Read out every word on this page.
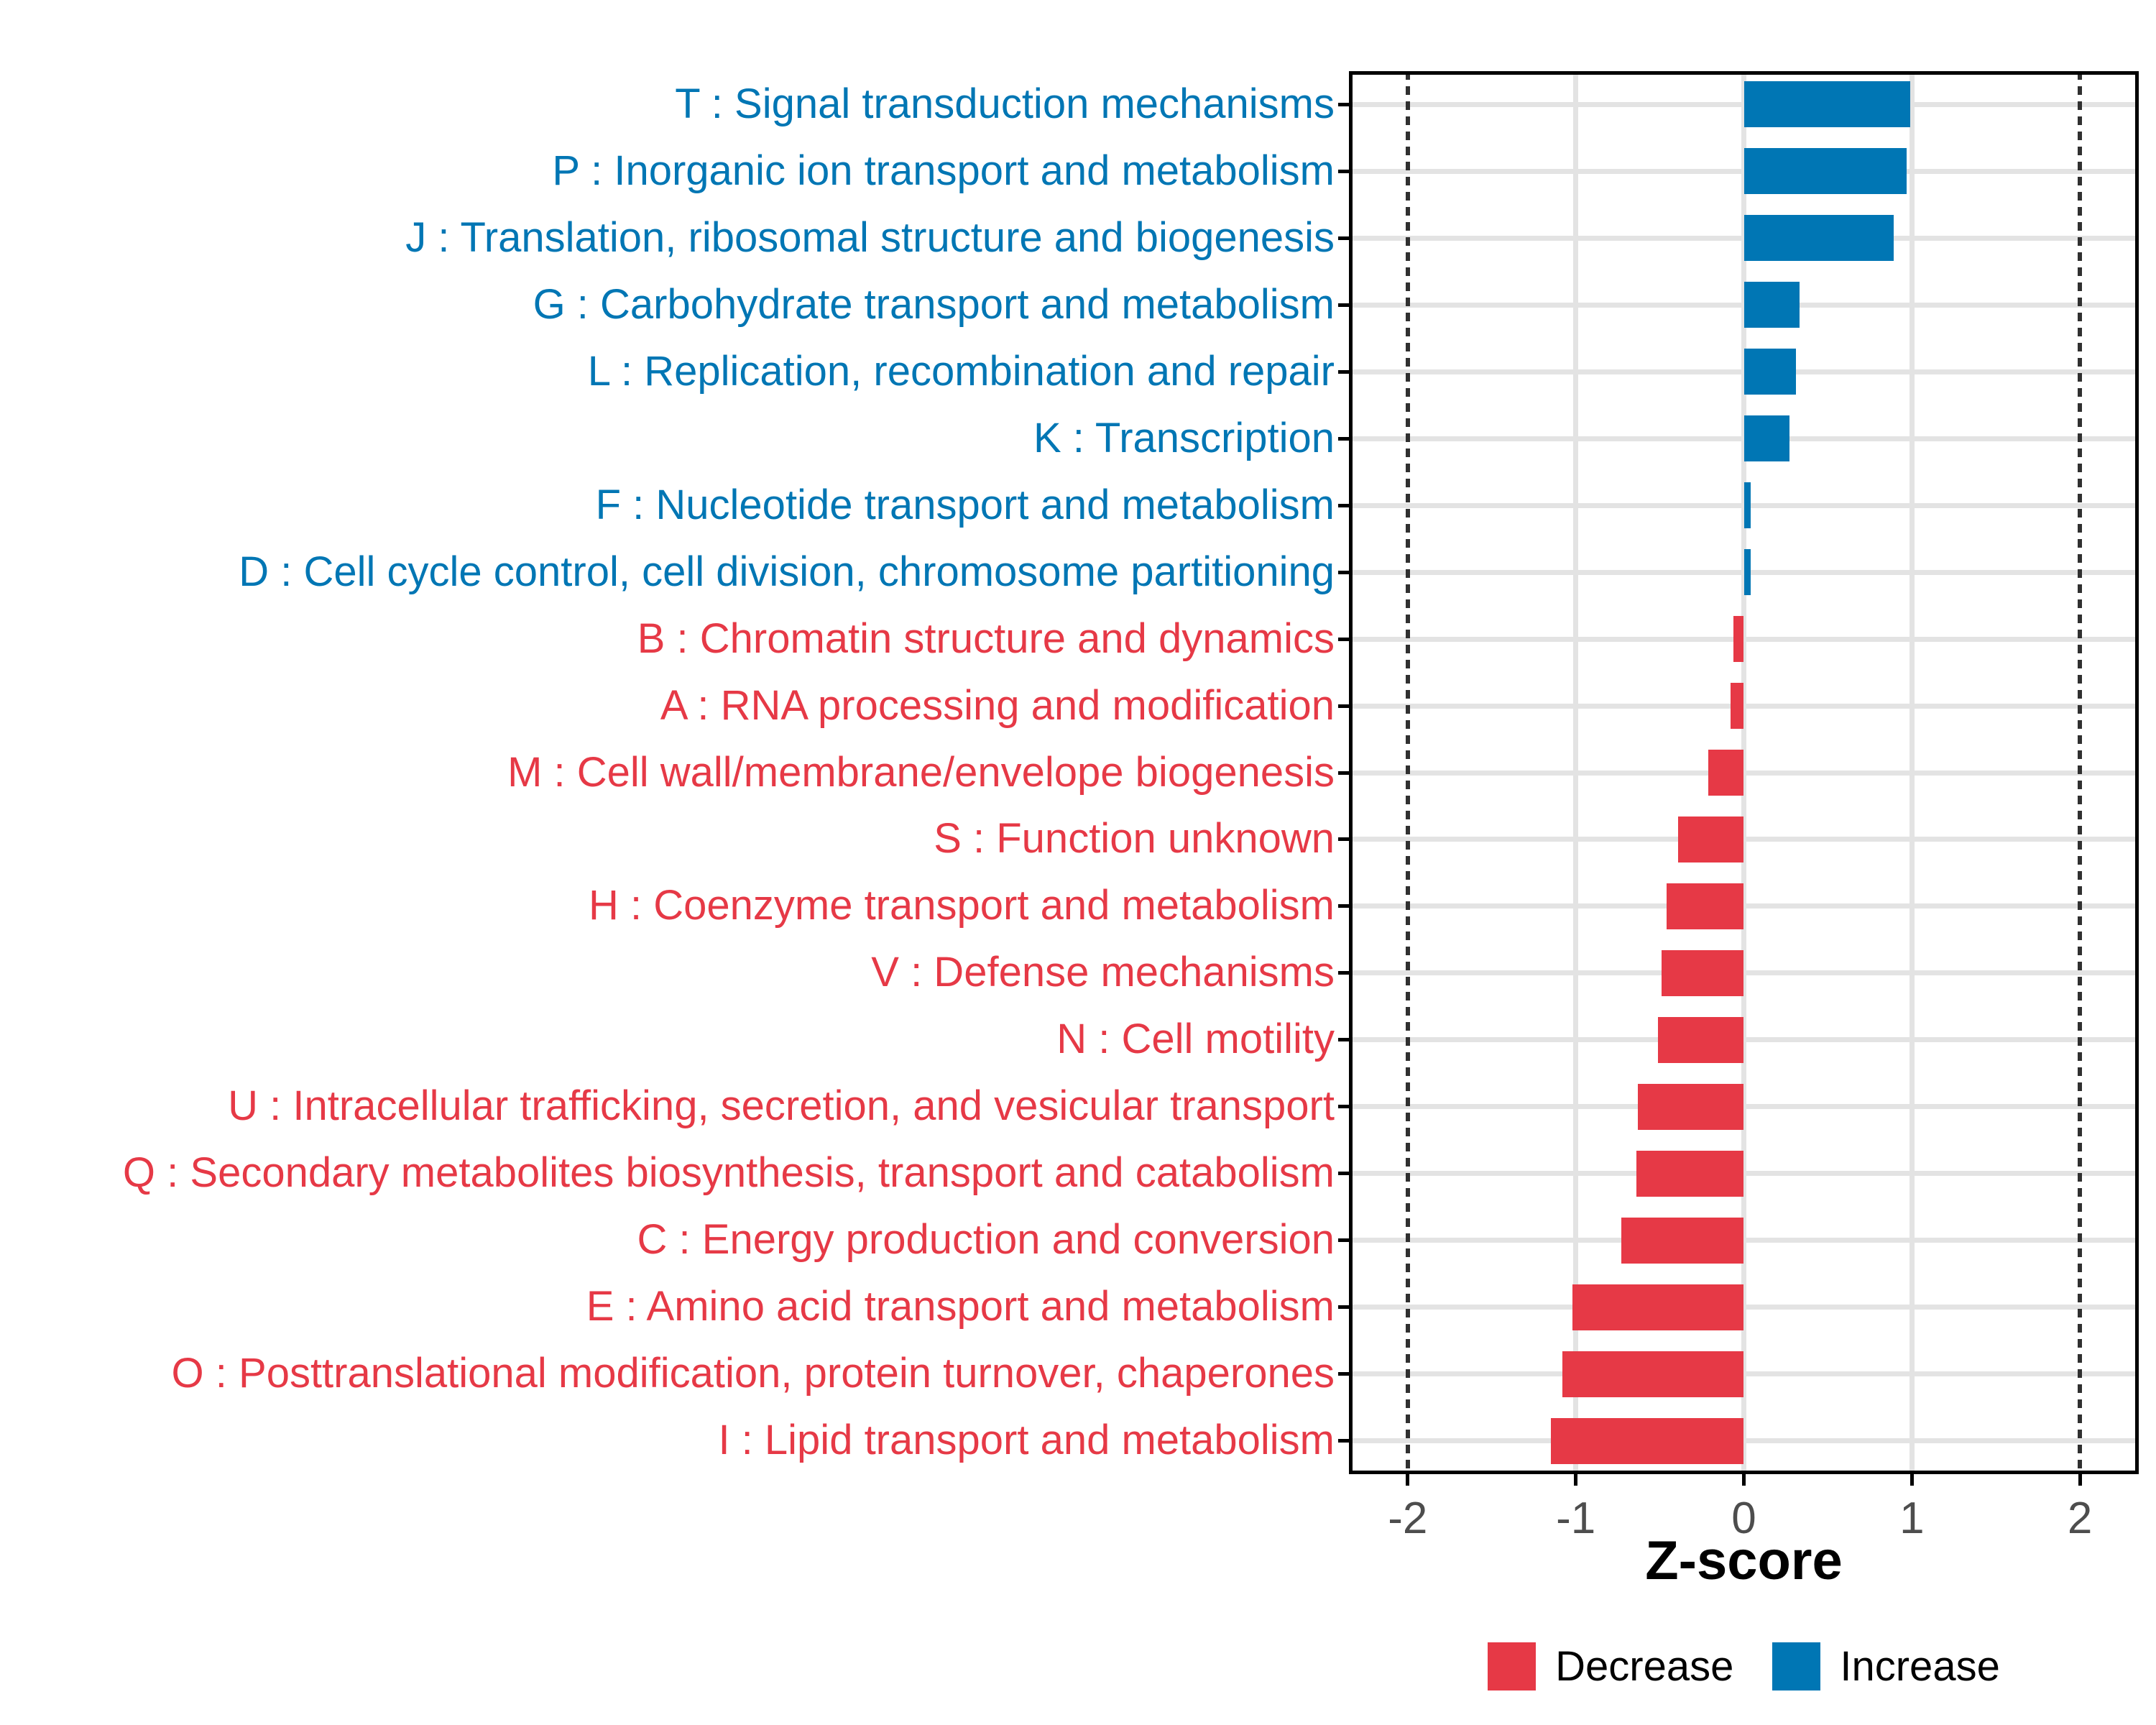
T : Signal transduction mechanisms
P : Inorganic ion transport and metabolism
J : Translation, ribosomal structure and biogenesis
G : Carbohydrate transport and metabolism
L : Replication, recombination and repair
K : Transcription
F : Nucleotide transport and metabolism
D : Cell cycle control, cell division, chromosome partitioning
B : Chromatin structure and dynamics
A : RNA processing and modification
M : Cell wall/membrane/envelope biogenesis
S : Function unknown
H : Coenzyme transport and metabolism
V : Defense mechanisms
N : Cell motility
U : Intracellular trafficking, secretion, and vesicular transport
Q : Secondary metabolites biosynthesis, transport and catabolism
C : Energy production and conversion
E : Amino acid transport and metabolism
O : Posttranslational modification, protein turnover, chaperones
I : Lipid transport and metabolism
-2	-1	0	1	2
Z-score
Decrease	Increase
